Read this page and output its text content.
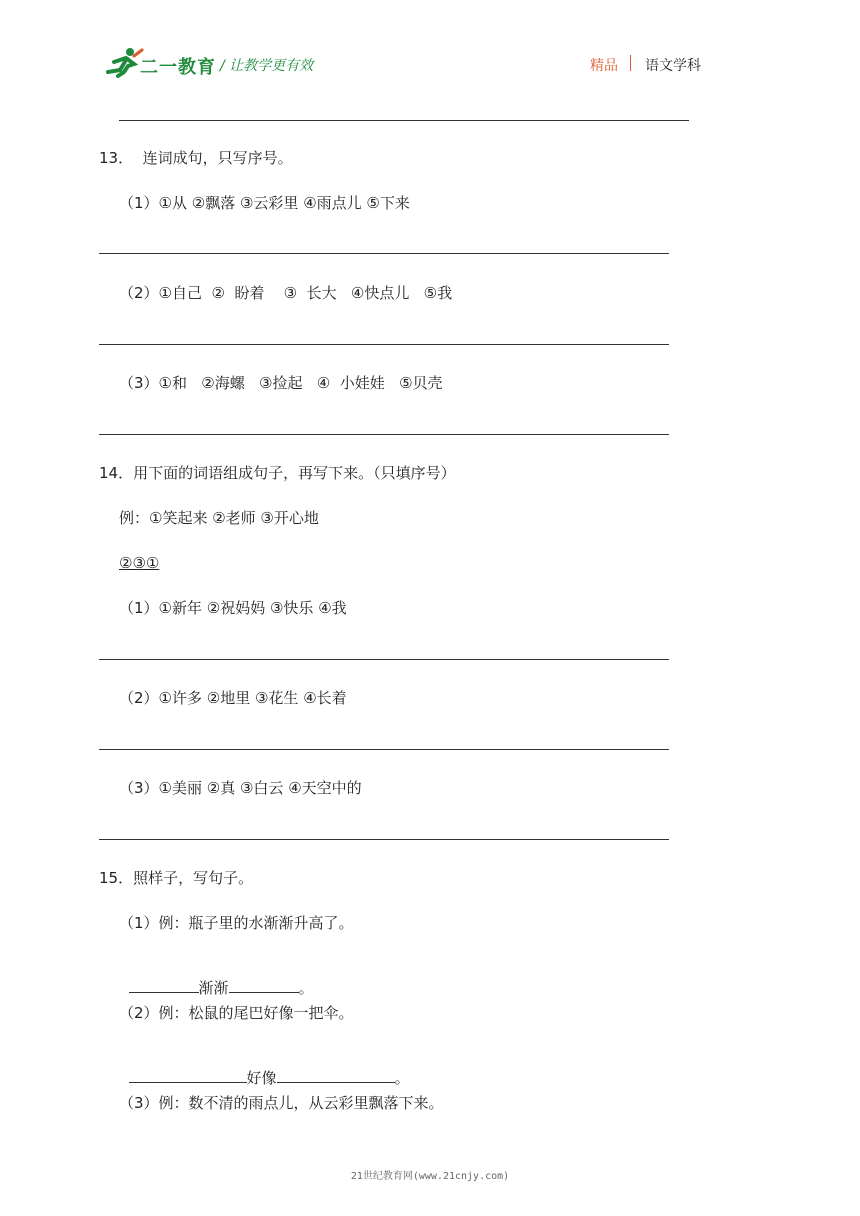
二一教育 / 让教学更有效	精品 语文学科
13．  连词成句，只写序号。
（1）①从 ②飘落 ③云彩里 ④雨点儿 ⑤下来
（2）①自己  ②  盼着    ③  长大   ④快点儿   ⑤我
（3）①和   ②海螺   ③捡起   ④  小娃娃   ⑤贝壳
14．用下面的词语组成句子，再写下来。（只填序号）
例：①笑起来 ②老师 ③开心地
②③①
（1）①新年 ②祝妈妈 ③快乐 ④我
（2）①许多 ②地里 ③花生 ④长着
（3）①美丽 ②真 ③白云 ④天空中的
15．照样子，写句子。
（1）例：瓶子里的水渐渐升高了。

渐渐	。

（2）例：松鼠的尾巴好像一把伞。

好像	。

（3）例：数不清的雨点儿，从云彩里飘落下来。
21世纪教育网(www.21cnjy.com)
